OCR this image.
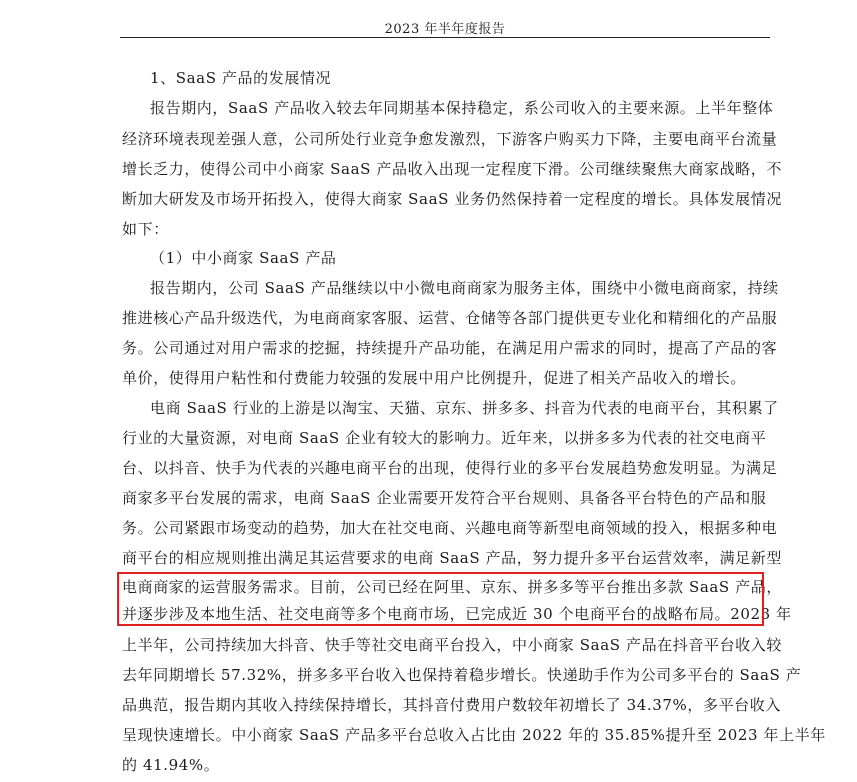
2023 年半年度报告
1、SaaS 产品的发展情况
报告期内，SaaS 产品收入较去年同期基本保持稳定，系公司收入的主要来源。上半年整体
经济环境表现差强人意，公司所处行业竞争愈发激烈，下游客户购买力下降，主要电商平台流量
增长乏力，使得公司中小商家 SaaS 产品收入出现一定程度下滑。公司继续聚焦大商家战略，不
断加大研发及市场开拓投入，使得大商家 SaaS 业务仍然保持着一定程度的增长。具体发展情况
如下：
（1）中小商家 SaaS 产品
报告期内，公司 SaaS 产品继续以中小微电商商家为服务主体，围绕中小微电商商家，持续
推进核心产品升级迭代，为电商商家客服、运营、仓储等各部门提供更专业化和精细化的产品服
务。公司通过对用户需求的挖掘，持续提升产品功能，在满足用户需求的同时，提高了产品的客
单价，使得用户粘性和付费能力较强的发展中用户比例提升，促进了相关产品收入的增长。
电商 SaaS 行业的上游是以淘宝、天猫、京东、拼多多、抖音为代表的电商平台，其积累了
行业的大量资源，对电商 SaaS 企业有较大的影响力。近年来，以拼多多为代表的社交电商平
台、以抖音、快手为代表的兴趣电商平台的出现，使得行业的多平台发展趋势愈发明显。为满足
商家多平台发展的需求，电商 SaaS 企业需要开发符合平台规则、具备各平台特色的产品和服
务。公司紧跟市场变动的趋势，加大在社交电商、兴趣电商等新型电商领域的投入，根据多种电
商平台的相应规则推出满足其运营要求的电商 SaaS 产品，努力提升多平台运营效率，满足新型
电商商家的运营服务需求。目前，公司已经在阿里、京东、拼多多等平台推出多款 SaaS 产品，
并逐步涉及本地生活、社交电商等多个电商市场，已完成近 30 个电商平台的战略布局。2023 年
上半年，公司持续加大抖音、快手等社交电商平台投入，中小商家 SaaS 产品在抖音平台收入较
去年同期增长 57.32%，拼多多平台收入也保持着稳步增长。快递助手作为公司多平台的 SaaS 产
品典范，报告期内其收入持续保持增长，其抖音付费用户数较年初增长了 34.37%，多平台收入
呈现快速增长。中小商家 SaaS 产品多平台总收入占比由 2022 年的 35.85%提升至 2023 年上半年
的 41.94%。
